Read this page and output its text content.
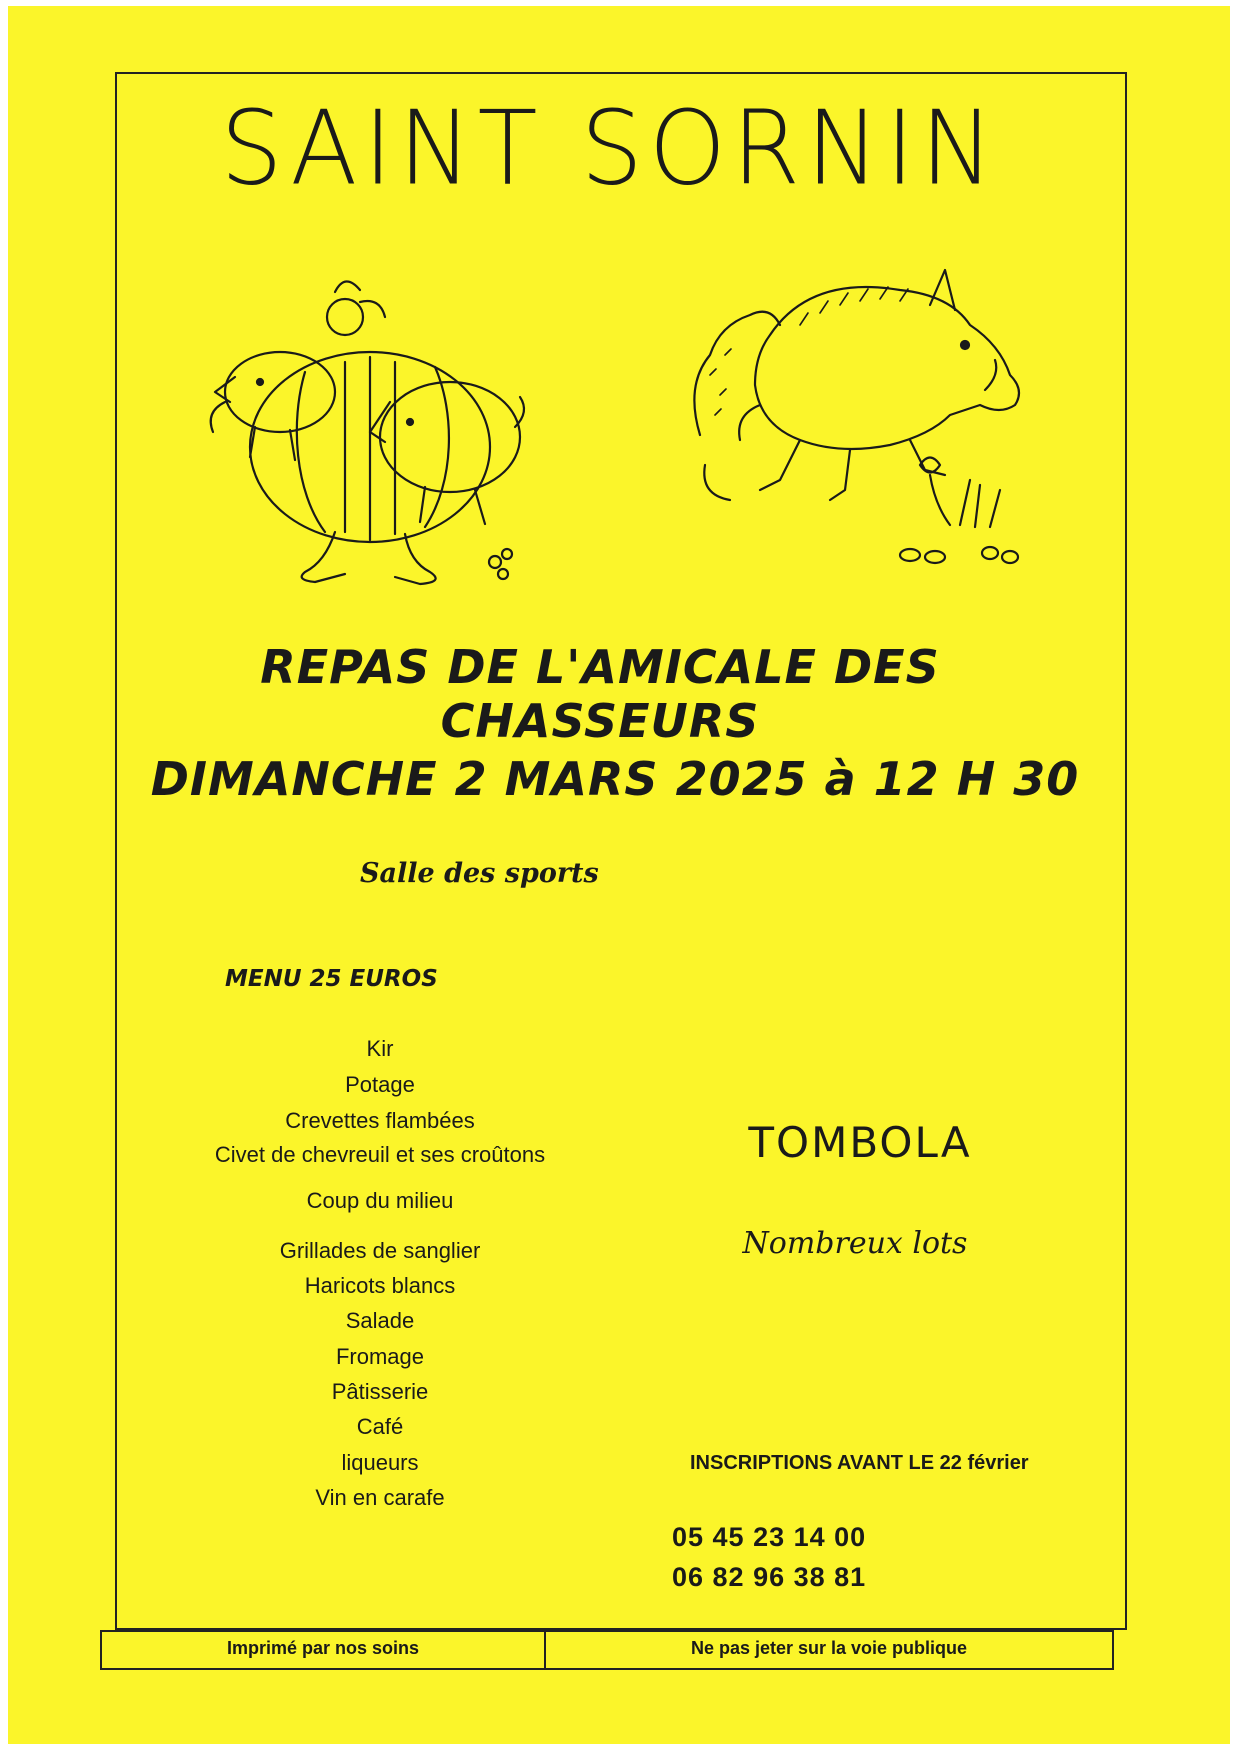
SAINT SORNIN
REPAS DE L'AMICALE DES CHASSEURS
DIMANCHE 2 MARS 2025 à 12 H 30
Salle des sports
MENU 25 EUROS
Kir
Potage
Crevettes flambées
Civet de chevreuil et ses croûtons
Coup du milieu
Grillades de sanglier
Haricots blancs
Salade
Fromage
Pâtisserie
Café
liqueurs
Vin en carafe
TOMBOLA
Nombreux lots
INSCRIPTIONS AVANT LE 22 février
05 45 23 14 00
06 82 96 38 81
Imprimé par nos soins	Ne pas jeter sur la voie publique
